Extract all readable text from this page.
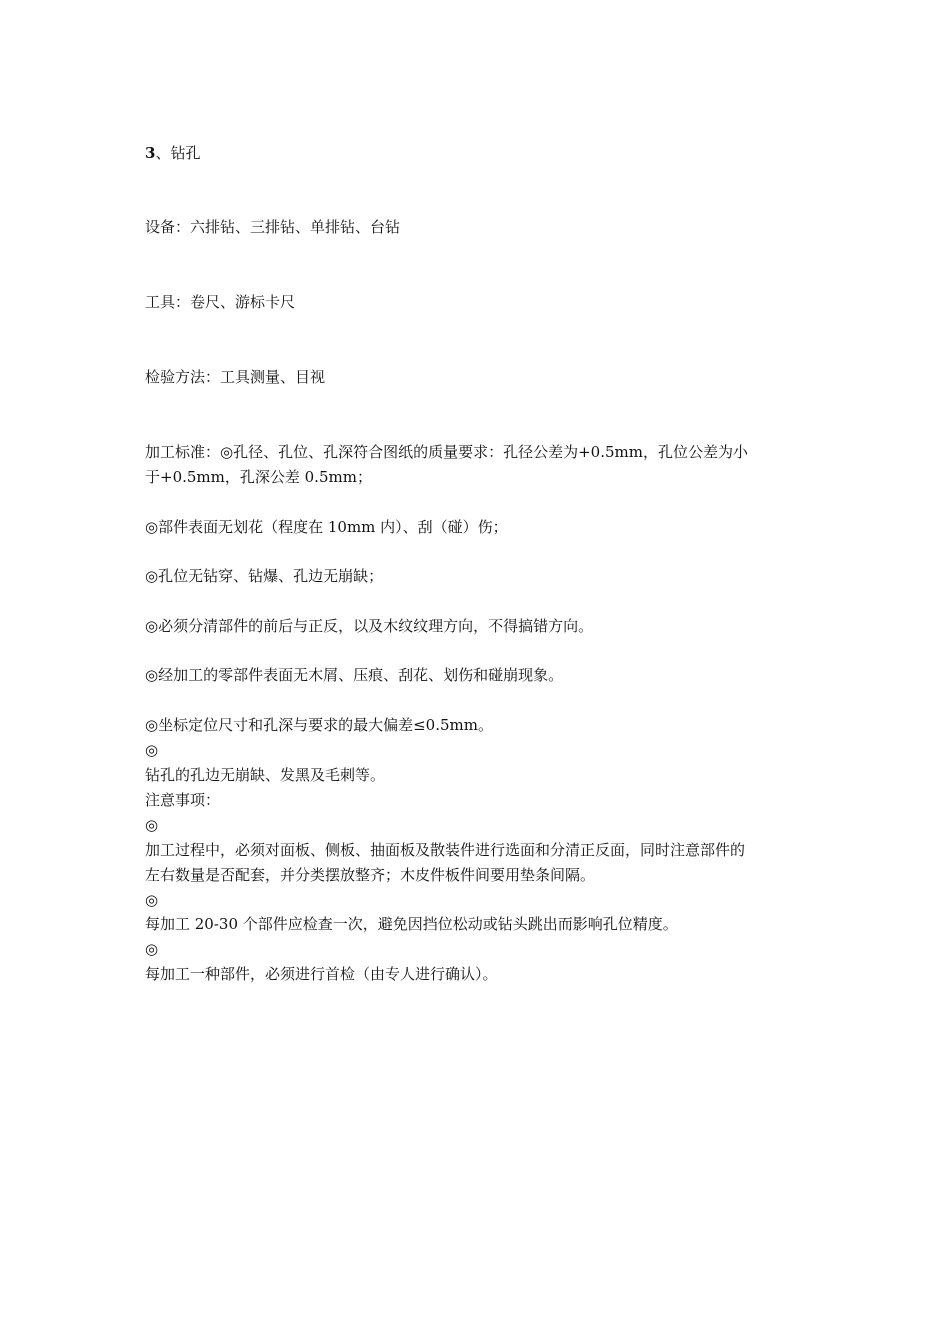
3、钻孔
设备：六排钻、三排钻、单排钻、台钻
工具：卷尺、游标卡尺
检验方法：工具测量、目视
加工标准：◎孔径、孔位、孔深符合图纸的质量要求：孔径公差为+0.5mm，孔位公差为小
于+0.5mm，孔深公差 0.5mm；
◎部件表面无划花（程度在 10mm 内）、刮（碰）伤；
◎孔位无钻穿、钻爆、孔边无崩缺；
◎必须分清部件的前后与正反，以及木纹纹理方向，不得搞错方向。
◎经加工的零部件表面无木屑、压痕、刮花、划伤和碰崩现象。
◎坐标定位尺寸和孔深与要求的最大偏差≤0.5mm。
◎
钻孔的孔边无崩缺、发黑及毛刺等。
注意事项：
◎
加工过程中，必须对面板、侧板、抽面板及散装件进行选面和分清正反面，同时注意部件的
左右数量是否配套，并分类摆放整齐；木皮件板件间要用垫条间隔。
◎
每加工 20-30 个部件应检查一次，避免因挡位松动或钻头跳出而影响孔位精度。
◎
每加工一种部件，必须进行首检（由专人进行确认）。
